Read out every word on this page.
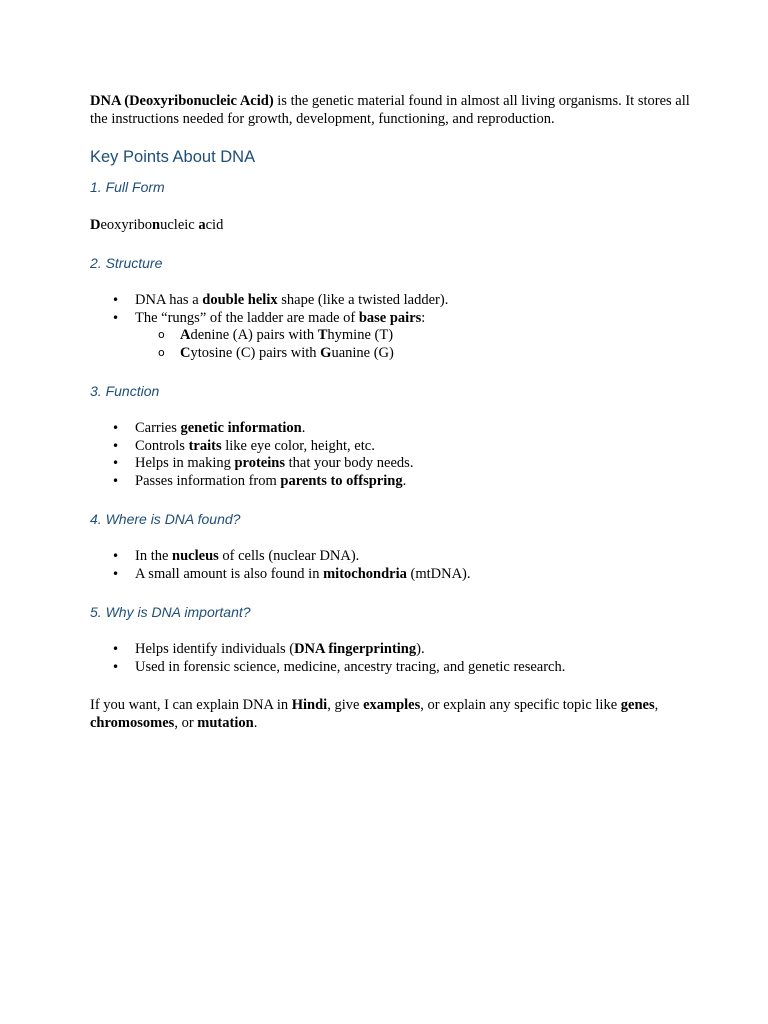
DNA (Deoxyribonucleic Acid) is the genetic material found in almost all living organisms. It stores all the instructions needed for growth, development, functioning, and reproduction.

Key Points About DNA
1. Full Form

Deoxyribonucleic acid

2. Structure
• DNA has a double helix shape (like a twisted ladder).
• The “rungs” of the ladder are made of base pairs:
o Adenine (A) pairs with Thymine (T)
o Cytosine (C) pairs with Guanine (G)
3. Function
• Carries genetic information.
• Controls traits like eye color, height, etc.
• Helps in making proteins that your body needs.
• Passes information from parents to offspring.
4. Where is DNA found?
• In the nucleus of cells (nuclear DNA).
• A small amount is also found in mitochondria (mtDNA).
5. Why is DNA important?
• Helps identify individuals (DNA fingerprinting).
• Used in forensic science, medicine, ancestry tracing, and genetic research.

If you want, I can explain DNA in Hindi, give examples, or explain any specific topic like genes, chromosomes, or mutation.
